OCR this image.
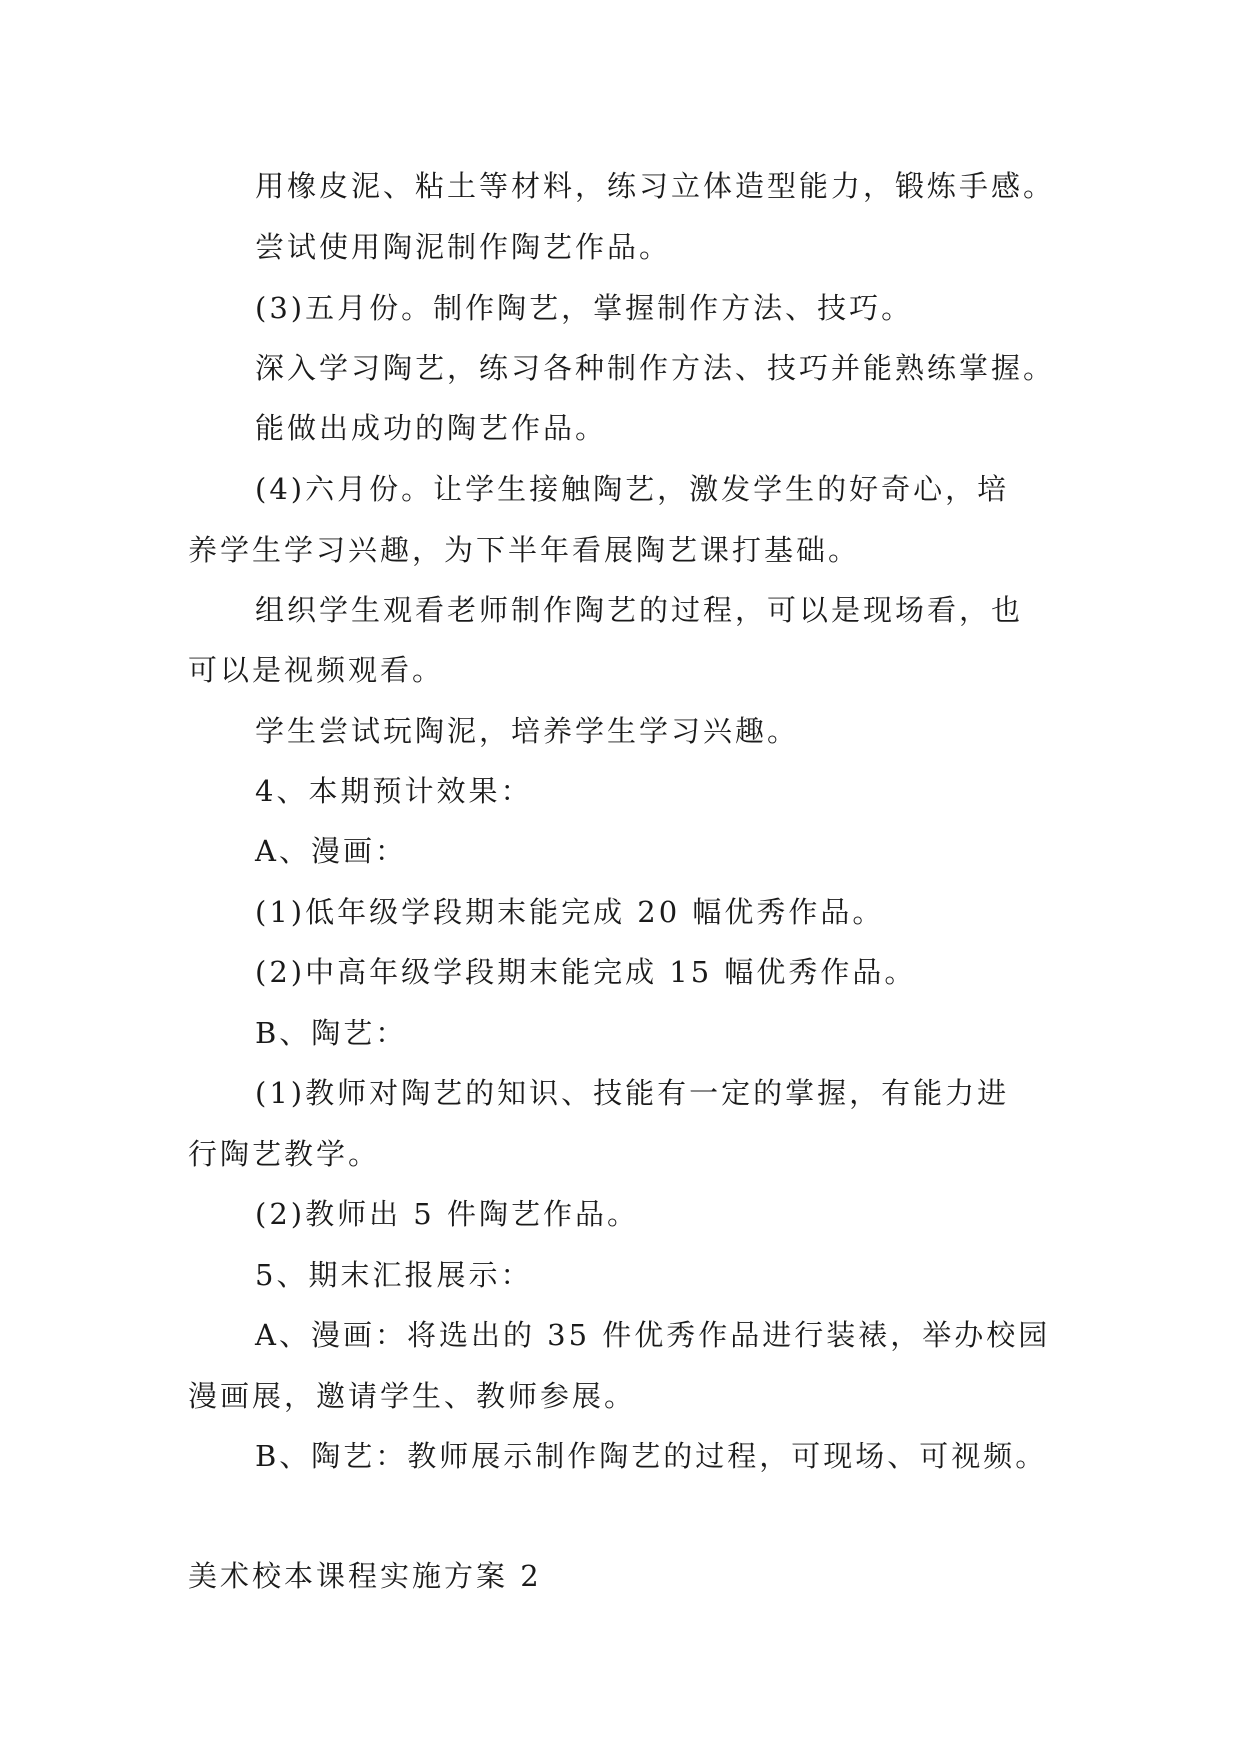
用橡皮泥、粘土等材料，练习立体造型能力，锻炼手感。
尝试使用陶泥制作陶艺作品。
(3)五月份。制作陶艺，掌握制作方法、技巧。
深入学习陶艺，练习各种制作方法、技巧并能熟练掌握。
能做出成功的陶艺作品。
(4)六月份。让学生接触陶艺，激发学生的好奇心，培
养学生学习兴趣，为下半年看展陶艺课打基础。
组织学生观看老师制作陶艺的过程，可以是现场看，也
可以是视频观看。
学生尝试玩陶泥，培养学生学习兴趣。
4、本期预计效果：
A、漫画：
(1)低年级学段期末能完成 20 幅优秀作品。
(2)中高年级学段期末能完成 15 幅优秀作品。
B、陶艺：
(1)教师对陶艺的知识、技能有一定的掌握，有能力进
行陶艺教学。
(2)教师出 5 件陶艺作品。
5、期末汇报展示：
A、漫画：将选出的 35 件优秀作品进行装裱，举办校园
漫画展，邀请学生、教师参展。
B、陶艺：教师展示制作陶艺的过程，可现场、可视频。
美术校本课程实施方案 2
